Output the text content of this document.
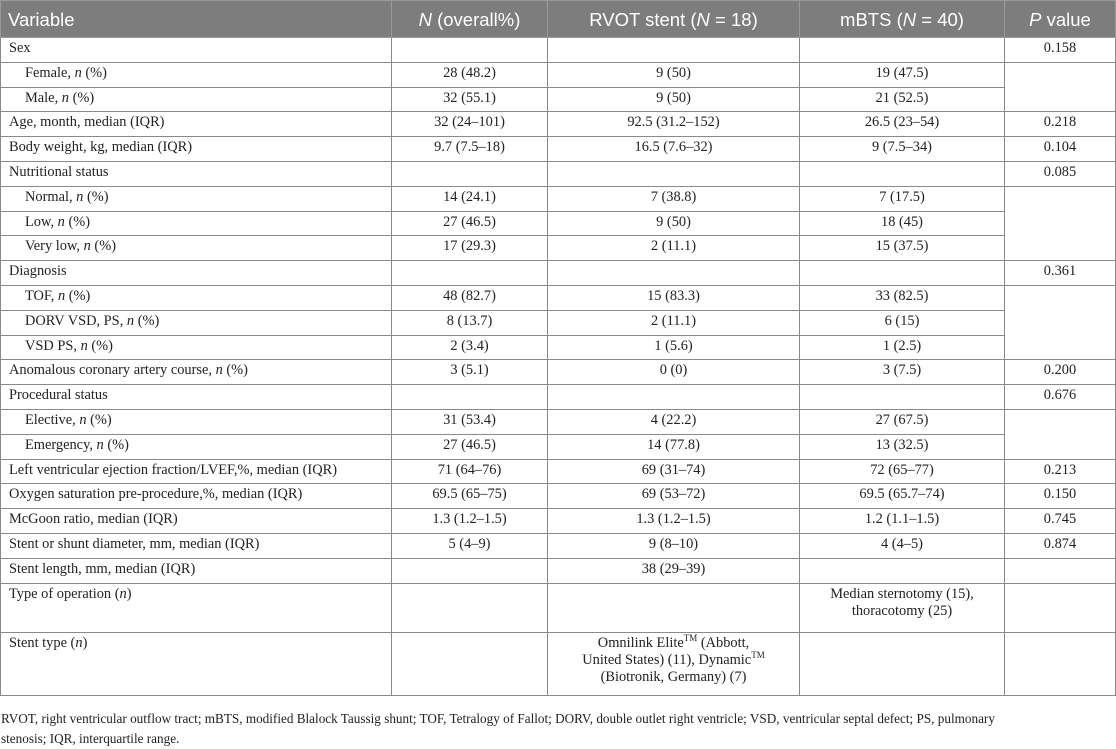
Variable	N (overall%)	RVOT stent (N = 18)	mBTS (N = 40)	P value
Sex				0.158
Female, n (%)	28 (48.2)	9 (50)	19 (47.5)	
Male, n (%)	32 (55.1)	9 (50)	21 (52.5)	
Age, month, median (IQR)	32 (24–101)	92.5 (31.2–152)	26.5 (23–54)	0.218
Body weight, kg, median (IQR)	9.7 (7.5–18)	16.5 (7.6–32)	9 (7.5–34)	0.104
Nutritional status				0.085
Normal, n (%)	14 (24.1)	7 (38.8)	7 (17.5)	
Low, n (%)	27 (46.5)	9 (50)	18 (45)	
Very low, n (%)	17 (29.3)	2 (11.1)	15 (37.5)	
Diagnosis				0.361
TOF, n (%)	48 (82.7)	15 (83.3)	33 (82.5)	
DORV VSD, PS, n (%)	8 (13.7)	2 (11.1)	6 (15)	
VSD PS, n (%)	2 (3.4)	1 (5.6)	1 (2.5)	
Anomalous coronary artery course, n (%)	3 (5.1)	0 (0)	3 (7.5)	0.200
Procedural status				0.676
Elective, n (%)	31 (53.4)	4 (22.2)	27 (67.5)	
Emergency, n (%)	27 (46.5)	14 (77.8)	13 (32.5)	
Left ventricular ejection fraction/LVEF,%, median (IQR)	71 (64–76)	69 (31–74)	72 (65–77)	0.213
Oxygen saturation pre-procedure,%, median (IQR)	69.5 (65–75)	69 (53–72)	69.5 (65.7–74)	0.150
McGoon ratio, median (IQR)	1.3 (1.2–1.5)	1.3 (1.2–1.5)	1.2 (1.1–1.5)	0.745
Stent or shunt diameter, mm, median (IQR)	5 (4–9)	9 (8–10)	4 (4–5)	0.874
Stent length, mm, median (IQR)		38 (29–39)		
Type of operation (n)			Median sternotomy (15),
thoracotomy (25)	
Stent type (n)		Omnilink Elite™ (Abbott,
United States) (11), Dynamic™
(Biotronik, Germany) (7)		
RVOT, right ventricular outflow tract; mBTS, modified Blalock Taussig shunt; TOF, Tetralogy of Fallot; DORV, double outlet right ventricle; VSD, ventricular septal defect; PS, pulmonary
stenosis; IQR, interquartile range.
